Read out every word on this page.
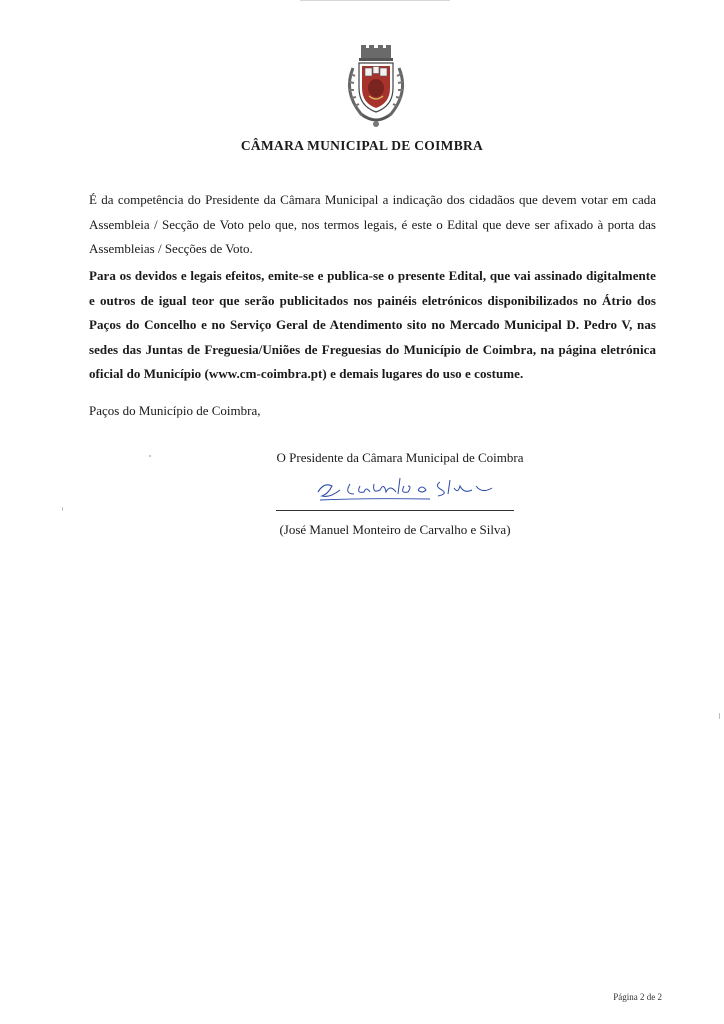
CÂMARA MUNICIPAL DE COIMBRA

É da competência do Presidente da Câmara Municipal a indicação dos cidadãos que devem votar em cada Assembleia / Secção de Voto pelo que, nos termos legais, é este o Edital que deve ser afixado à porta das Assembleias / Secções de Voto.

Para os devidos e legais efeitos, emite-se e publica-se o presente Edital, que vai assinado digitalmente e outros de igual teor que serão publicitados nos painéis eletrónicos disponibilizados no Átrio dos Paços do Concelho e no Serviço Geral de Atendimento sito no Mercado Municipal D. Pedro V, nas sedes das Juntas de Freguesia/Uniões de Freguesias do Município de Coimbra, na página eletrónica oficial do Município (www.cm-coimbra.pt) e demais lugares do uso e costume.

Paços do Município de Coimbra,

O Presidente da Câmara Municipal de Coimbra
(José Manuel Monteiro de Carvalho e Silva)
Página 2 de 2
